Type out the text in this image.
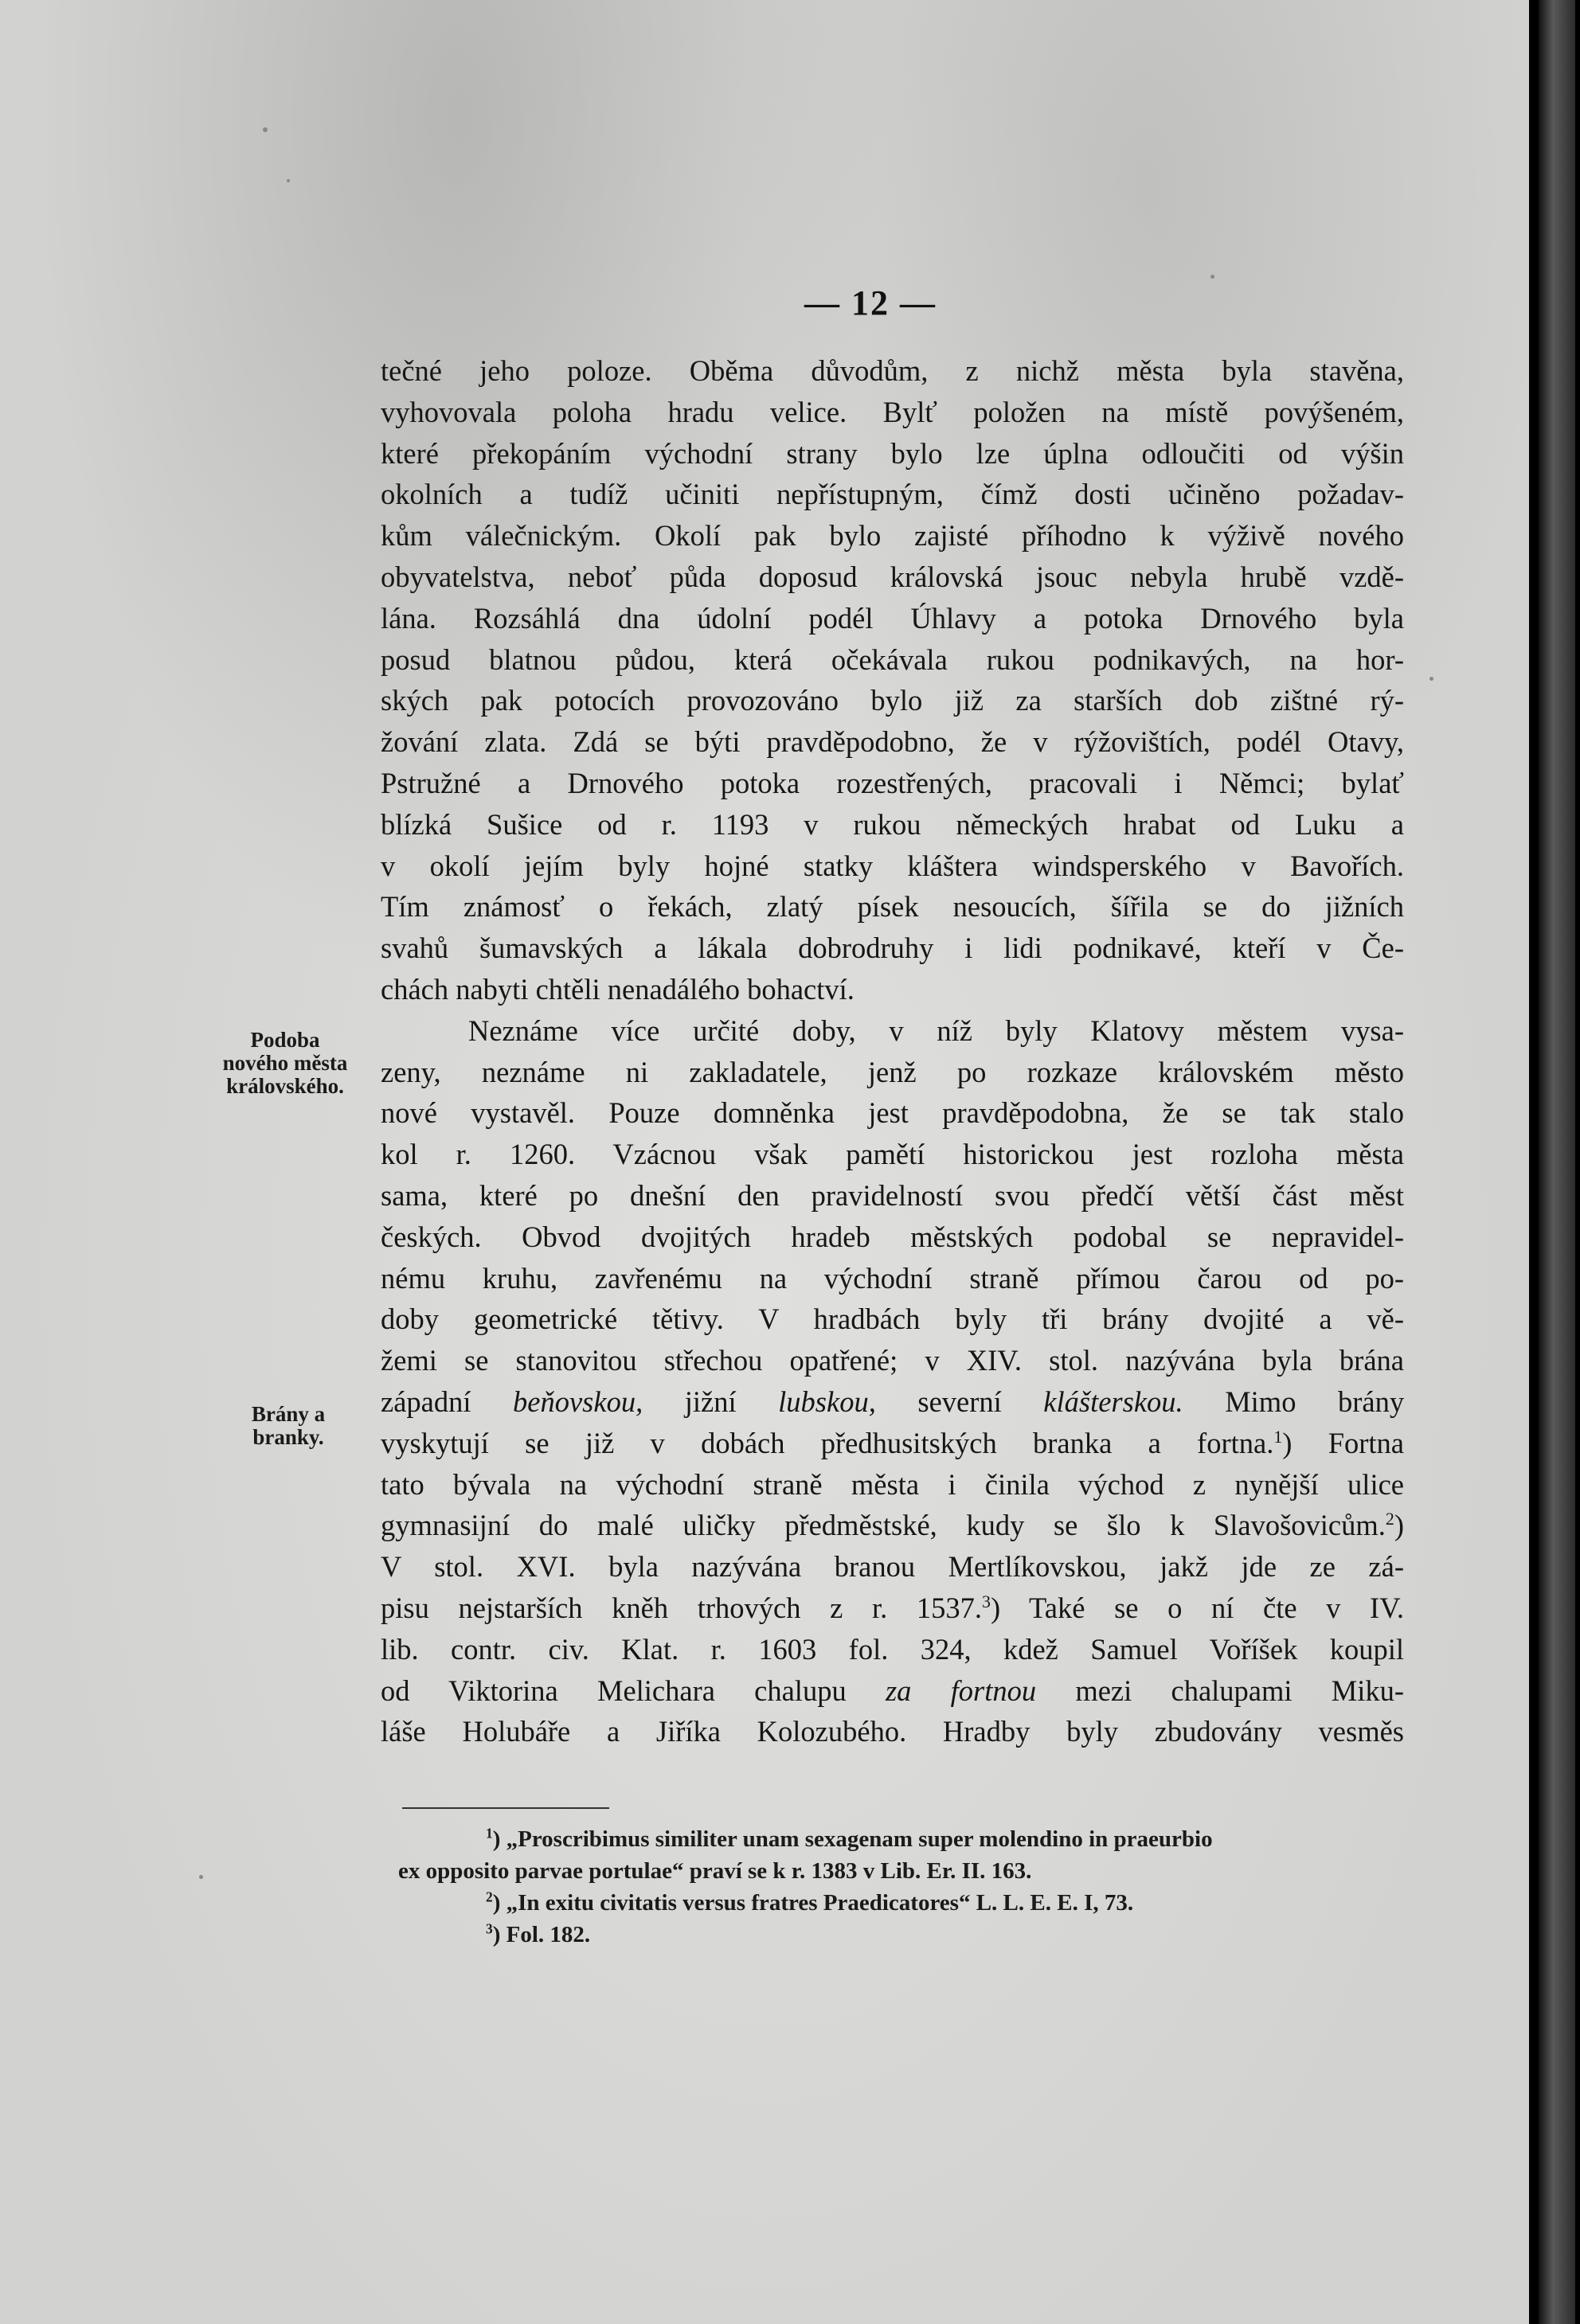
— 12 —
Podoba
nového města
královského.
Brány a
branky.
tečné jeho poloze. Oběma důvodům, z nichž města byla stavěna,
vyhovovala poloha hradu velice. Bylť položen na místě povýšeném,
které překopáním východní strany bylo lze úplna odloučiti od výšin
okolních a tudíž učiniti nepřístupným, čímž dosti učiněno požadav-
kům válečnickým. Okolí pak bylo zajisté příhodno k výživě nového
obyvatelstva, neboť půda doposud královská jsouc nebyla hrubě vzdě-
lána. Rozsáhlá dna údolní podél Úhlavy a potoka Drnového byla
posud blatnou půdou, která očekávala rukou podnikavých, na hor-
ských pak potocích provozováno bylo již za starších dob zištné rý-
žování zlata. Zdá se býti pravděpodobno, že v rýžovištích, podél Otavy,
Pstružné a Drnového potoka rozestřených, pracovali i Němci; bylať
blízká Sušice od r. 1193 v rukou německých hrabat od Luku a
v okolí jejím byly hojné statky kláštera windsperského v Bavořích.
Tím známosť o řekách, zlatý písek nesoucích, šířila se do jižních
svahů šumavských a lákala dobrodruhy i lidi podnikavé, kteří v Če-
chách nabyti chtěli nenadálého bohactví.
Neznáme více určité doby, v níž byly Klatovy městem vysa-
zeny, neznáme ni zakladatele, jenž po rozkaze královském město
nové vystavěl. Pouze domněnka jest pravděpodobna, že se tak stalo
kol r. 1260. Vzácnou však pamětí historickou jest rozloha města
sama, které po dnešní den pravidelností svou předčí větší část měst
českých. Obvod dvojitých hradeb městských podobal se nepravidel-
nému kruhu, zavřenému na východní straně přímou čarou od po-
doby geometrické tětivy. V hradbách byly tři brány dvojité a vě-
žemi se stanovitou střechou opatřené; v XIV. stol. nazývána byla brána
západní beňovskou, jižní lubskou, severní klášterskou. Mimo brány
vyskytují se již v dobách předhusitských branka a fortna.$^1$) Fortna
tato bývala na východní straně města i činila východ z nynější ulice
gymnasijní do malé uličky předměstské, kudy se šlo k Slavošovicům.$^2$)
V stol. XVI. byla nazývána branou Mertlíkovskou, jakž jde ze zá-
pisu nejstarších kněh trhových z r. 1537.$^3$) Také se o ní čte v IV.
lib. contr. civ. Klat. r. 1603 fol. 324, kdež Samuel Voříšek koupil
od Viktorina Melichara chalupu za fortnou mezi chalupami Miku-
láše Holubáře a Jiříka Kolozubého. Hradby byly zbudovány vesměs
$^1$) „Proscribimus similiter unam sexagenam super molendino in praeurbio
ex opposito parvae portulae“ praví se k r. 1383 v Lib. Er. II. 163.
$^2$) „In exitu civitatis versus fratres Praedicatores“ L. L. E. E. I, 73.
$^3$) Fol. 182.
